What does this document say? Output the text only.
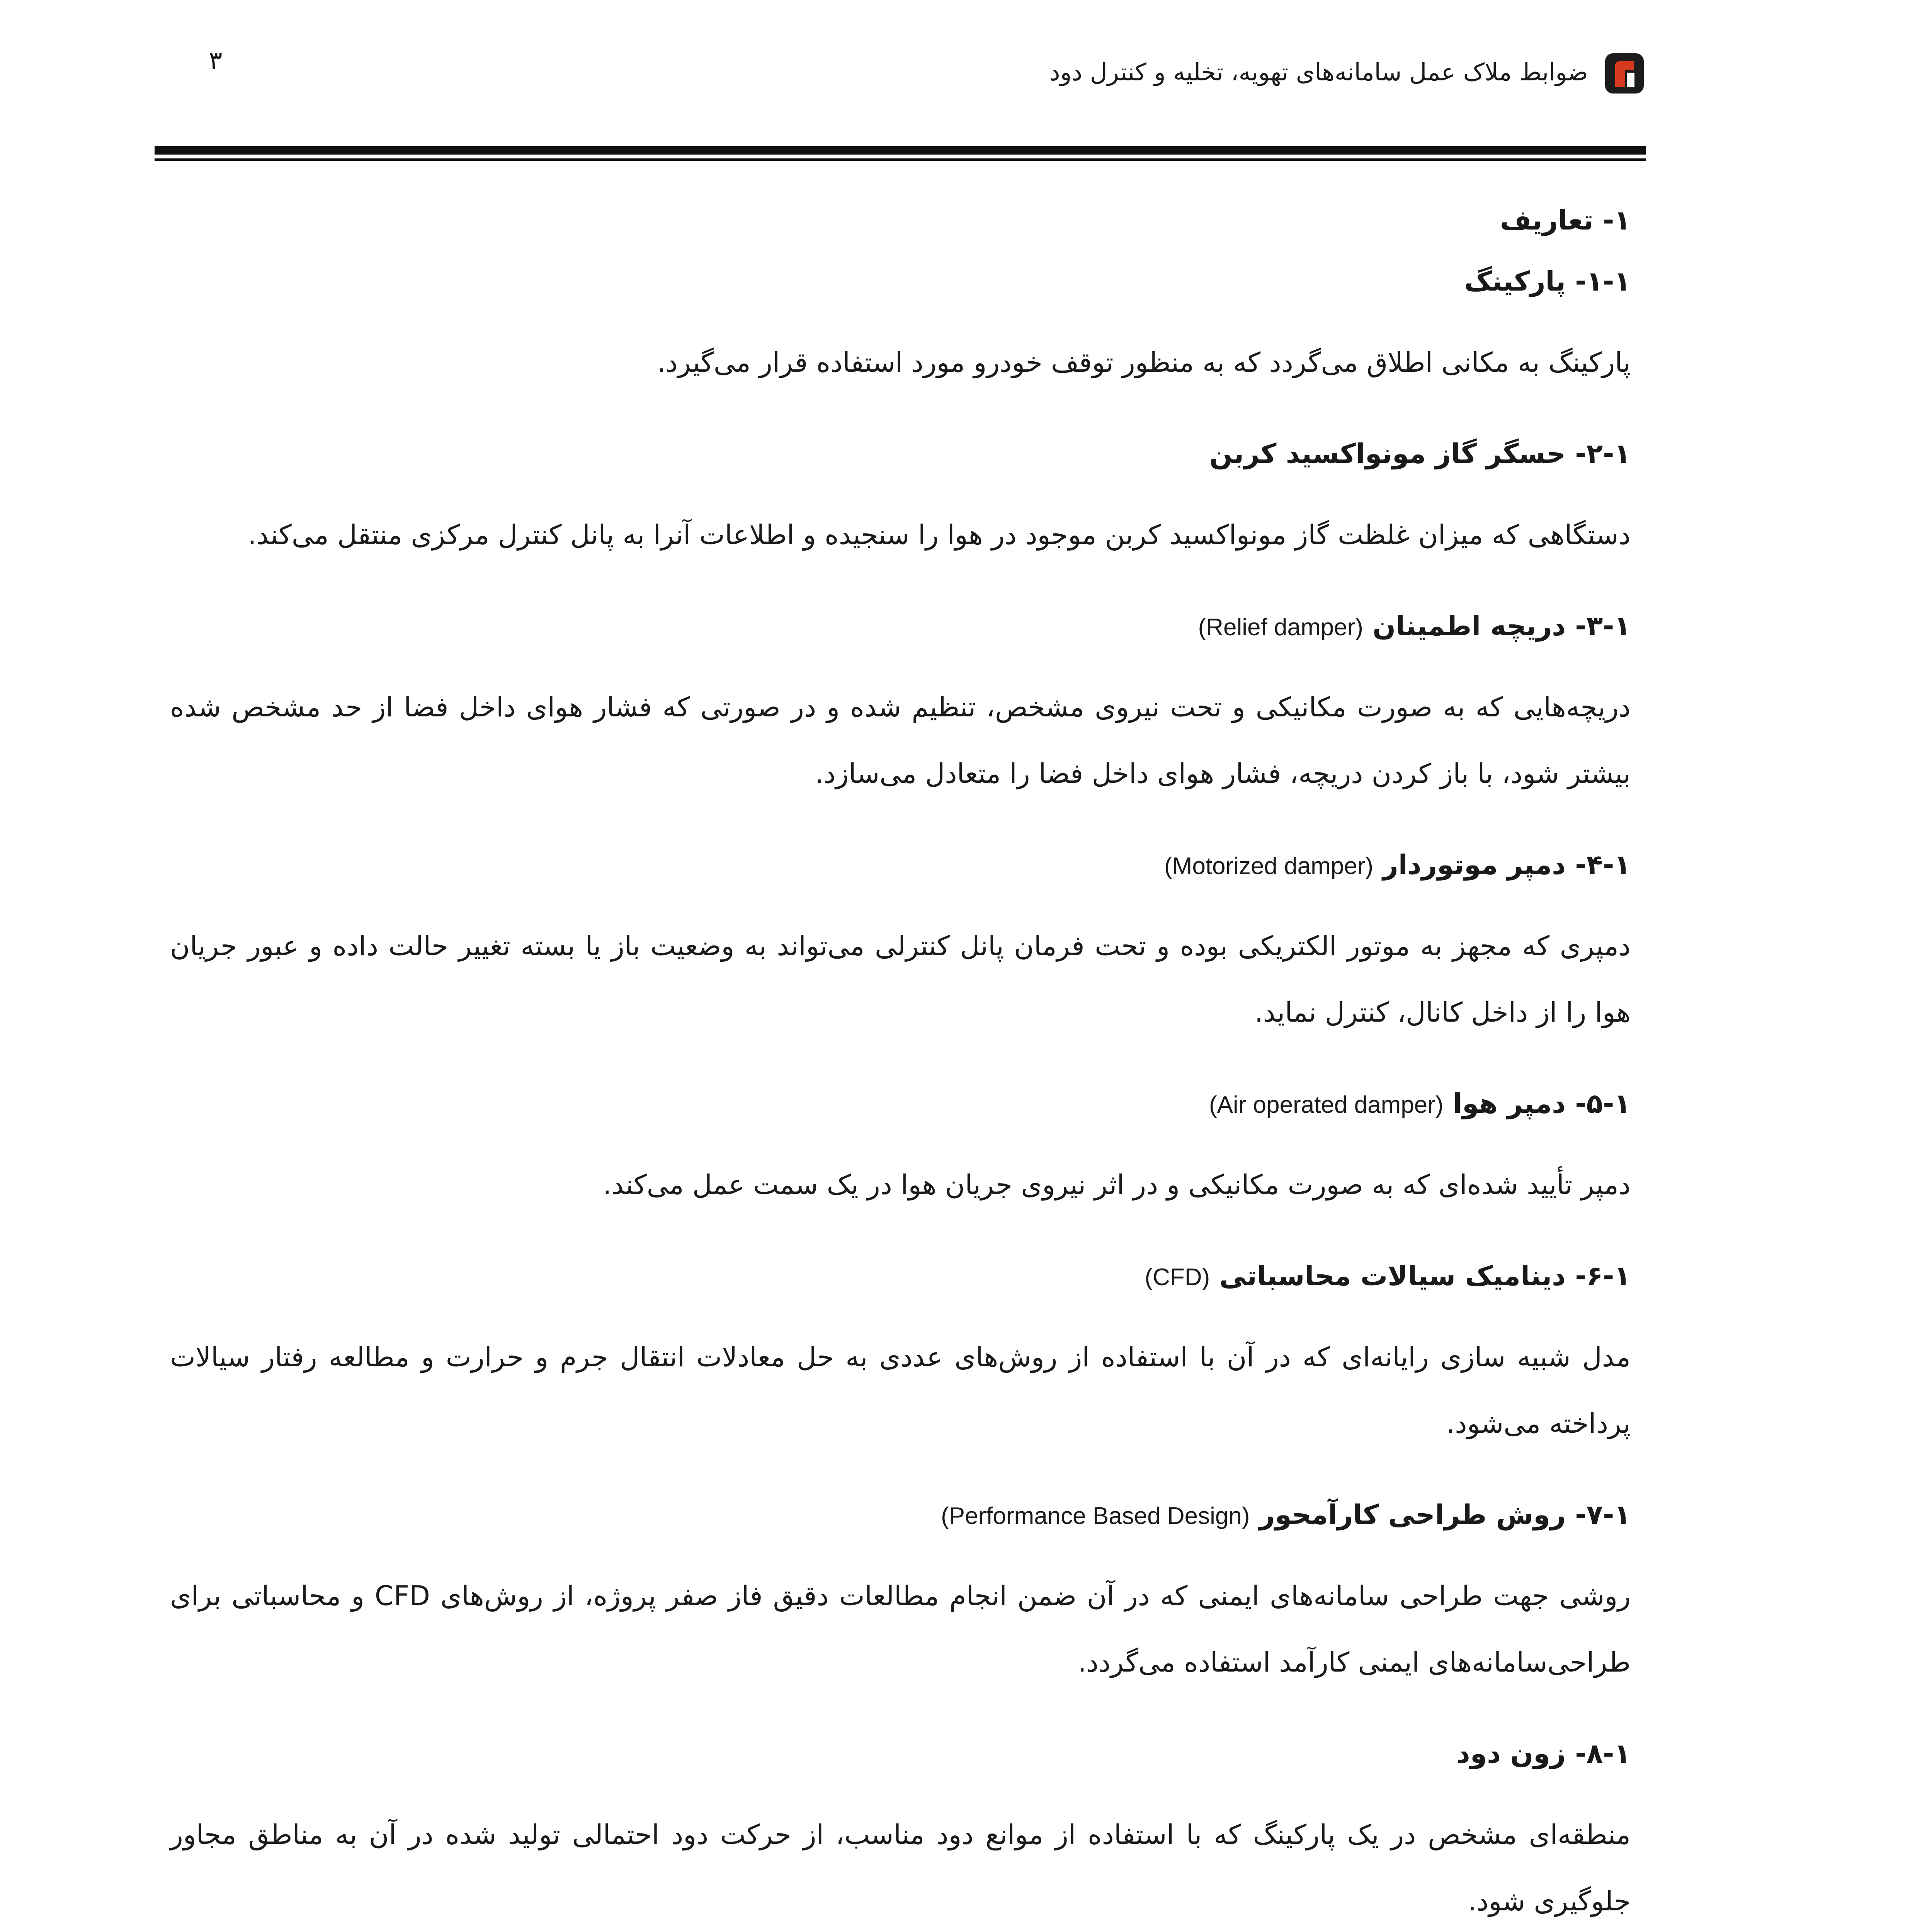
ضوابط ملاک عمل سامانه‌های تهویه، تخلیه و کنترل دود
۳
۱- تعاریف
۱-۱- پارکینگ

پارکینگ به مکانی اطلاق می‌گردد که به منظور توقف خودرو مورد استفاده قرار می‌گیرد.

۲-۱- حسگر گاز مونواکسید کربن

دستگاهی که میزان غلظت گاز مونواکسید کربن موجود در هوا را سنجیده و اطلاعات آنرا به پانل کنترل مرکزی منتقل می‌کند.

۳-۱- دریچه اطمینان (Relief damper)

دریچه‌هایی که به صورت مکانیکی و تحت نیروی مشخص، تنظیم شده و در صورتی که فشار هوای داخل فضا از حد مشخص شده بیشتر شود، با باز کردن دریچه، فشار هوای داخل فضا را متعادل می‌سازد.

۴-۱- دمپر موتوردار (Motorized damper)

دمپری که مجهز به موتور الکتریکی بوده و تحت فرمان پانل کنترلی می‌تواند به وضعیت باز یا بسته تغییر حالت داده و عبور جریان هوا را از داخل کانال، کنترل نماید.

۵-۱- دمپر هوا (Air operated damper)

دمپر تأیید شده‌ای که به صورت مکانیکی و در اثر نیروی جریان هوا در یک سمت عمل می‌کند.

۶-۱- دینامیک سیالات محاسباتی (CFD)

مدل شبیه سازی رایانه‌ای که در آن با استفاده از روش‌های عددی به حل معادلات انتقال جرم و حرارت و مطالعه رفتار سیالات پرداخته می‌شود.

۷-۱- روش طراحی کارآمحور (Performance Based Design)

روشی جهت طراحی سامانه‌های ایمنی که در آن ضمن انجام مطالعات دقیق فاز صفر پروژه، از روش‌های CFD و محاسباتی برای طراحی‌سامانه‌های ایمنی کارآمد استفاده می‌گردد.

۸-۱- زون دود

منطقه‌ای مشخص در یک پارکینگ که با استفاده از موانع دود مناسب، از حرکت دود احتمالی تولید شده در آن به مناطق مجاور جلوگیری شود.
